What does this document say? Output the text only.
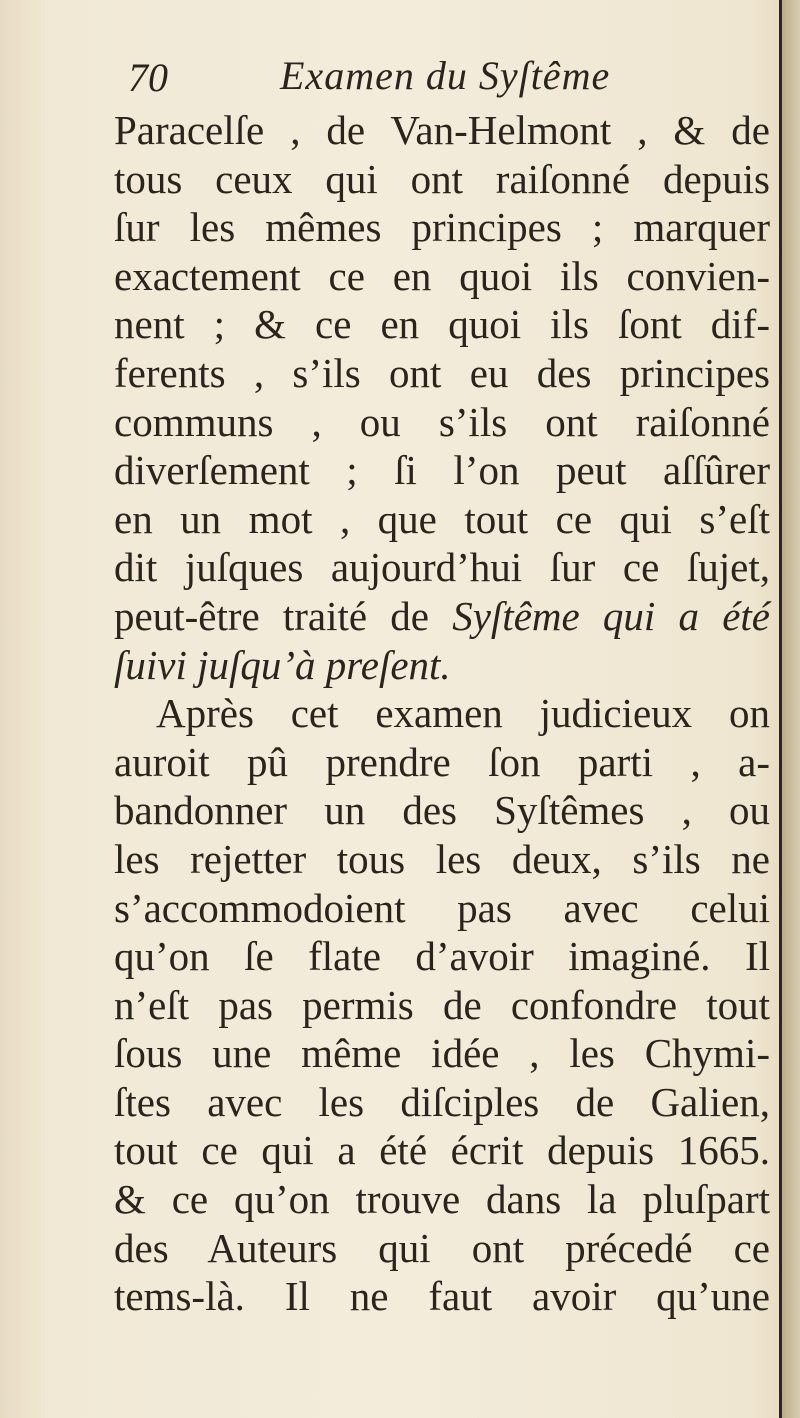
70	Examen du Syſtême
Paracelſe , de Van-Helmont , & de
tous ceux qui ont raiſonné depuis
ſur les mêmes principes ; marquer
exactement ce en quoi ils convien-
nent ; & ce en quoi ils ſont dif-
ferents , s’ils ont eu des principes
communs , ou s’ils ont raiſonné
diverſement ; ſi l’on peut aſſûrer
en un mot , que tout ce qui s’eſt
dit juſques aujourd’hui ſur ce ſujet,
peut-être traité de Syſtême qui a été
ſuivi juſqu’à preſent.
Après cet examen judicieux on
auroit pû prendre ſon parti , a-
bandonner un des Syſtêmes , ou
les rejetter tous les deux, s’ils ne
s’accommodoient pas avec celui
qu’on ſe flate d’avoir imaginé. Il
n’eſt pas permis de confondre tout
ſous une même idée , les Chymi-
ſtes avec les diſciples de Galien,
tout ce qui a été écrit depuis 1665.
& ce qu’on trouve dans la pluſpart
des Auteurs qui ont précedé ce
tems-là. Il ne faut avoir qu’une
